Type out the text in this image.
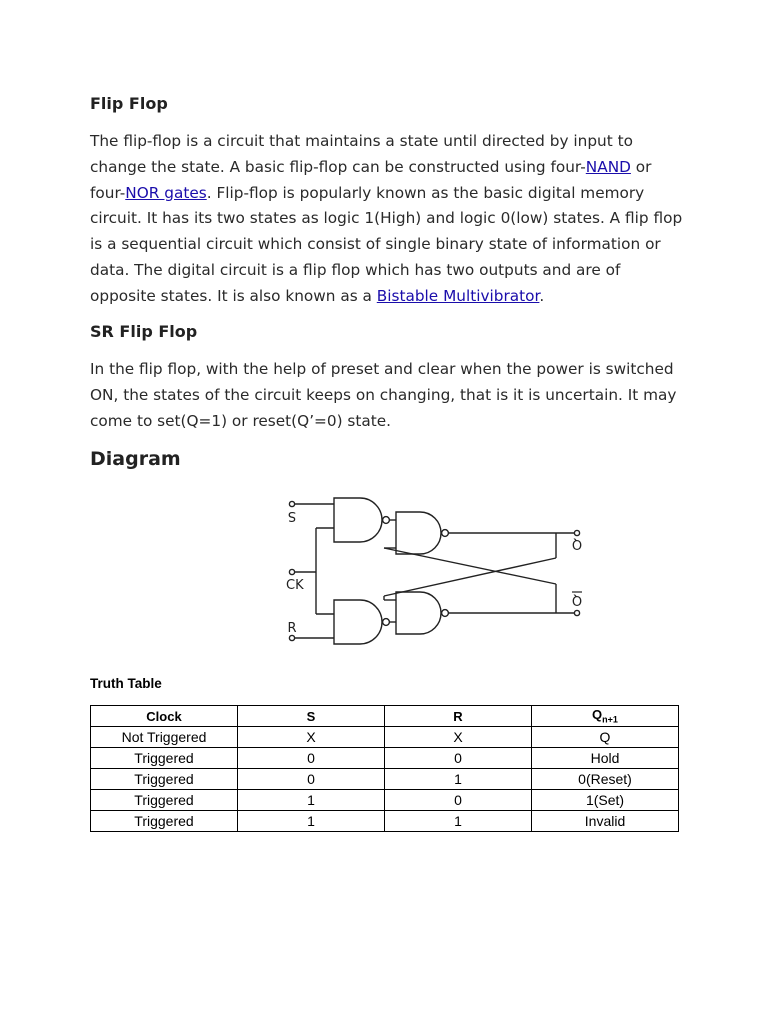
Flip Flop

The flip-flop is a circuit that maintains a state until directed by input to change the state. A basic flip-flop can be constructed using four-NAND or four-NOR gates. Flip-flop is popularly known as the basic digital memory circuit. It has its two states as logic 1(High) and logic 0(low) states. A flip flop is a sequential circuit which consist of single binary state of information or data. The digital circuit is a flip flop which has two outputs and are of opposite states. It is also known as a Bistable Multivibrator.

SR Flip Flop

In the flip flop, with the help of preset and clear when the power is switched ON, the states of the circuit keeps on changing, that is it is uncertain. It may come to set(Q=1) or reset(Q’=0) state.

Diagram
S
CK
R
Q
Q
Truth Table
Clock	S	R	$Q_{n+1}$
Not Triggered	X	X	Q
Triggered	0	0	Hold
Triggered	0	1	0(Reset)
Triggered	1	0	1(Set)
Triggered	1	1	Invalid
